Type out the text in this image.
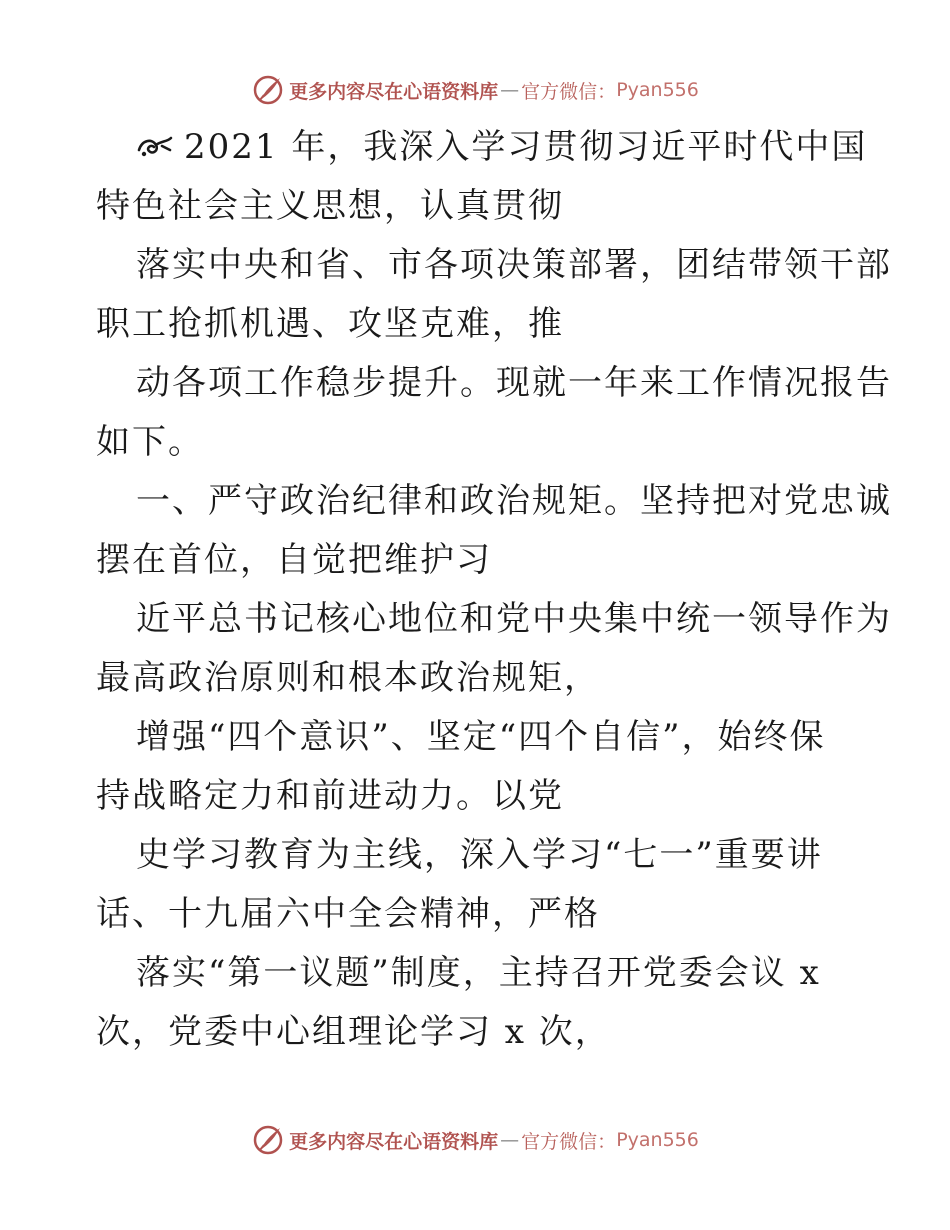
更多内容尽在心语资料库 — 官方微信： Pyan556
2021 年，我深入学习贯彻习近平时代中国
特色社会主义思想，认真贯彻
落实中央和省、市各项决策部署，团结带领干部
职工抢抓机遇、攻坚克难，推
动各项工作稳步提升。现就一年来工作情况报告
如下。
一、严守政治纪律和政治规矩。坚持把对党忠诚
摆在首位，自觉把维护习
近平总书记核心地位和党中央集中统一领导作为
最高政治原则和根本政治规矩，
增强“四个意识”、坚定“四个自信”，始终保
持战略定力和前进动力。以党
史学习教育为主线，深入学习“七一”重要讲
话、十九届六中全会精神，严格
落实“第一议题”制度，主持召开党委会议 x
次，党委中心组理论学习 x 次，
更多内容尽在心语资料库 — 官方微信： Pyan556
